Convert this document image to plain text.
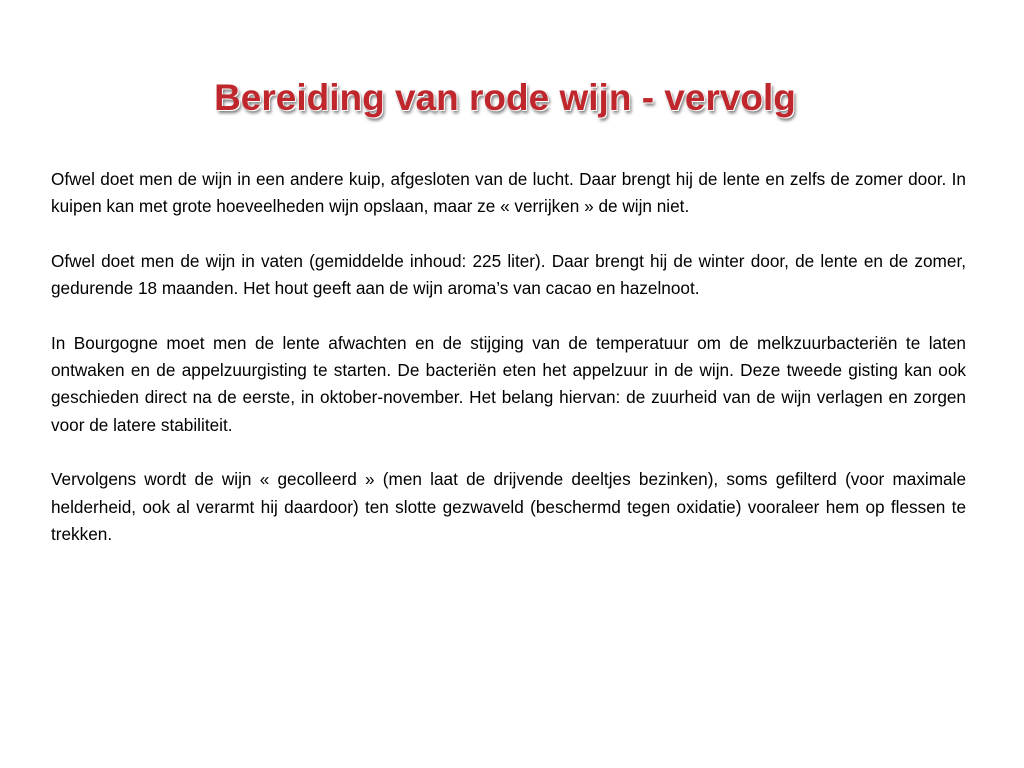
Bereiding van rode wijn - vervolg

Ofwel doet men de wijn in een andere kuip, afgesloten van de lucht. Daar brengt hij de lente en zelfs de zomer door. In kuipen kan met grote hoeveelheden wijn opslaan, maar ze « verrijken » de wijn niet.

Ofwel doet men de wijn in vaten (gemiddelde inhoud: 225 liter). Daar brengt hij de winter door, de lente en de zomer, gedurende 18 maanden. Het hout geeft aan de wijn aroma’s van cacao en hazelnoot.

In Bourgogne moet men de lente afwachten en de stijging van de temperatuur om de melkzuurbacteriën te laten ontwaken en de appelzuurgisting te starten. De bacteriën eten het appelzuur in de wijn. Deze tweede gisting kan ook geschieden direct na de eerste, in oktober-november. Het belang hiervan: de zuurheid van de wijn verlagen en zorgen voor de latere stabiliteit.

Vervolgens wordt de wijn « gecolleerd » (men laat de drijvende deeltjes bezinken), soms gefilterd (voor maximale helderheid, ook al verarmt hij daardoor) ten slotte gezwaveld (beschermd tegen oxidatie) vooraleer hem op flessen te trekken.
